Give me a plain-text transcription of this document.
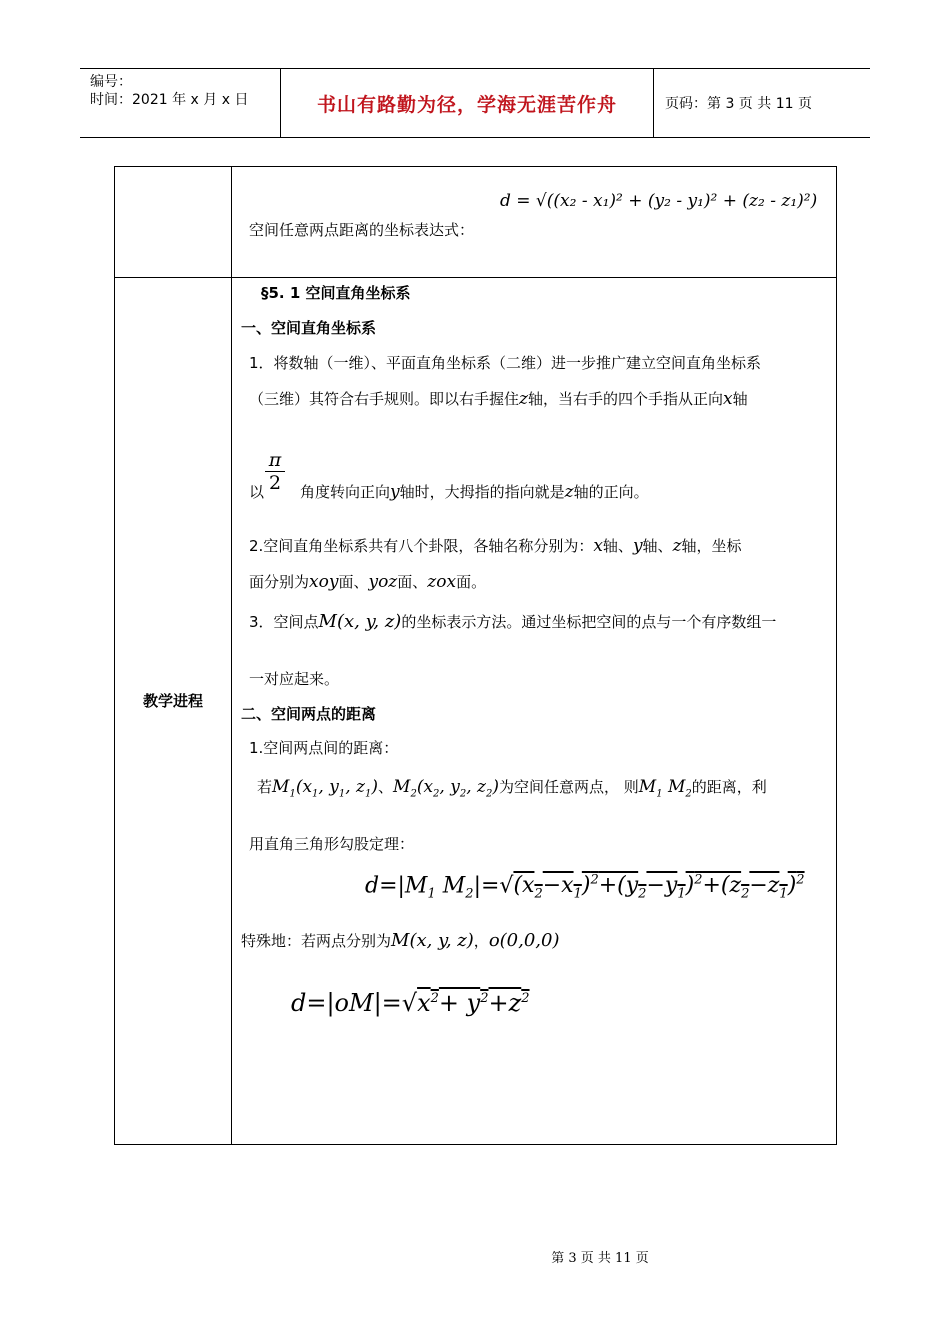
编号：
时间：2021 年 x 月 x 日	书山有路勤为径，学海无涯苦作舟	页码：第 3 页 共 11 页
d = √((x₂ - x₁)² + (y₂ - y₁)² + (z₂ - z₁)²)
空间任意两点距离的坐标表达式：
教学进程
§5. 1 空间直角坐标系
一、空间直角坐标系
1．将数轴（一维）、平面直角坐标系（二维）进一步推广建立空间直角坐标系
（三维）其符合右手规则。即以右手握住z轴，当右手的四个手指从正向x轴
$\frac{\pi}{2}$
以 角度转向正向y轴时，大拇指的指向就是z轴的正向。
2.空间直角坐标系共有八个卦限，各轴名称分别为：x轴、y轴、z轴，坐标
面分别为xoy面、yoz面、zox面。
3．空间点M(x, y, z)的坐标表示方法。通过坐标把空间的点与一个有序数组一
一对应起来。
二、空间两点的距离
1.空间两点间的距离：
若$M_1(x_1$, $y_1$, $z_1$)、$M_2(x_2$, $y_2$, $z_2$)为空间任意两点， 则$M_1$ $M_2$的距离，利
用直角三角形勾股定理：
$d=|M_1$ $M_2|=√(x_2-x_1)^2+(y_2-y_1)^2+(z_2-z_1)^2$
特殊地：若两点分别为M(x, y, z)，o(0,0,0)
$d=|oM|=√x^2+ y^2+z^2$
第 3 页 共 11 页
